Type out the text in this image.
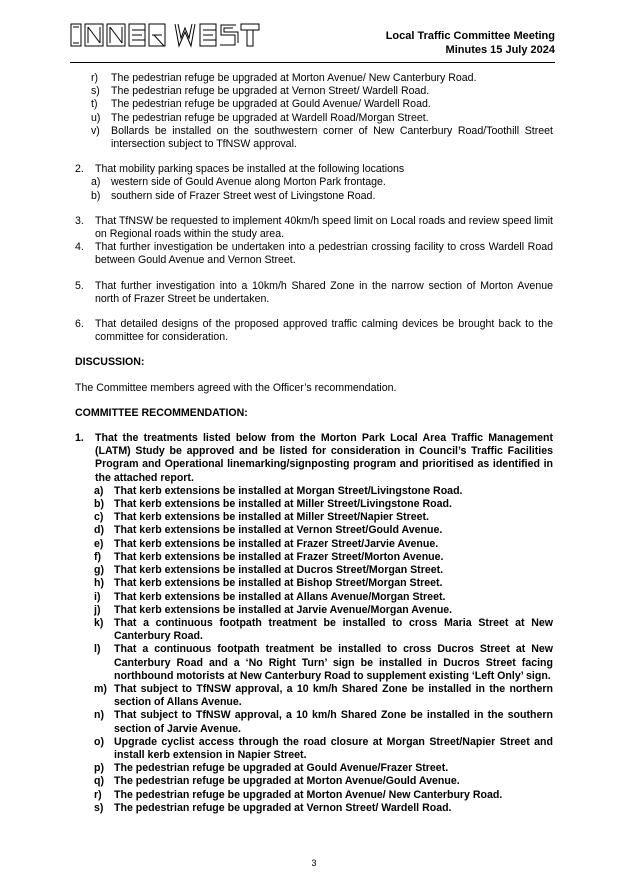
Local Traffic Committee Meeting
Minutes 15 July 2024
r)	The pedestrian refuge be upgraded at Morton Avenue/ New Canterbury Road.
s)	The pedestrian refuge be upgraded at Vernon Street/ Wardell Road.
t)	The pedestrian refuge be upgraded at Gould Avenue/ Wardell Road.
u) The pedestrian refuge be upgraded at Wardell Road/Morgan Street.
v)	Bollards be installed on the southwestern corner of New Canterbury Road/Toothill Street intersection subject to TfNSW approval.
2.	That mobility parking spaces be installed at the following locations
a) western side of Gould Avenue along Morton Park frontage.
b) southern side of Frazer Street west of Livingstone Road.
3.	That TfNSW be requested to implement 40km/h speed limit on Local roads and review speed limit on Regional roads within the study area.
4.	That further investigation be undertaken into a pedestrian crossing facility to cross Wardell Road between Gould Avenue and Vernon Street.
5.	That further investigation into a 10km/h Shared Zone in the narrow section of Morton Avenue north of Frazer Street be undertaken.
6.	That detailed designs of the proposed approved traffic calming devices be brought back to the committee for consideration.
DISCUSSION:
The Committee members agreed with the Officer’s recommendation.
COMMITTEE RECOMMENDATION:
1.	That the treatments listed below from the Morton Park Local Area Traffic Management (LATM) Study be approved and be listed for consideration in Council’s Traffic Facilities Program and Operational linemarking/signposting program and prioritised as identified in the attached report.
a) That kerb extensions be installed at Morgan Street/Livingstone Road.
b) That kerb extensions be installed at Miller Street/Livingstone Road.
c) That kerb extensions be installed at Miller Street/Napier Street.
d) That kerb extensions be installed at Vernon Street/Gould Avenue.
e) That kerb extensions be installed at Frazer Street/Jarvie Avenue.
f)	That kerb extensions be installed at Frazer Street/Morton Avenue.
g) That kerb extensions be installed at Ducros Street/Morgan Street.
h) That kerb extensions be installed at Bishop Street/Morgan Street.
i)	That kerb extensions be installed at Allans Avenue/Morgan Street.
j)	That kerb extensions be installed at Jarvie Avenue/Morgan Avenue.
k) That a continuous footpath treatment be installed to cross Maria Street at New Canterbury Road.
l)	That a continuous footpath treatment be installed to cross Ducros Street at New Canterbury Road and a ‘No Right Turn’ sign be installed in Ducros Street facing northbound motorists at New Canterbury Road to supplement existing ‘Left Only’ sign.
m) That subject to TfNSW approval, a 10 km/h Shared Zone be installed in the northern section of Allans Avenue.
n) That subject to TfNSW approval, a 10 km/h Shared Zone be installed in the southern section of Jarvie Avenue.
o) Upgrade cyclist access through the road closure at Morgan Street/Napier Street and install kerb extension in Napier Street.
p) The pedestrian refuge be upgraded at Gould Avenue/Frazer Street.
q) The pedestrian refuge be upgraded at Morton Avenue/Gould Avenue.
r)	The pedestrian refuge be upgraded at Morton Avenue/ New Canterbury Road.
s) The pedestrian refuge be upgraded at Vernon Street/ Wardell Road.
3
